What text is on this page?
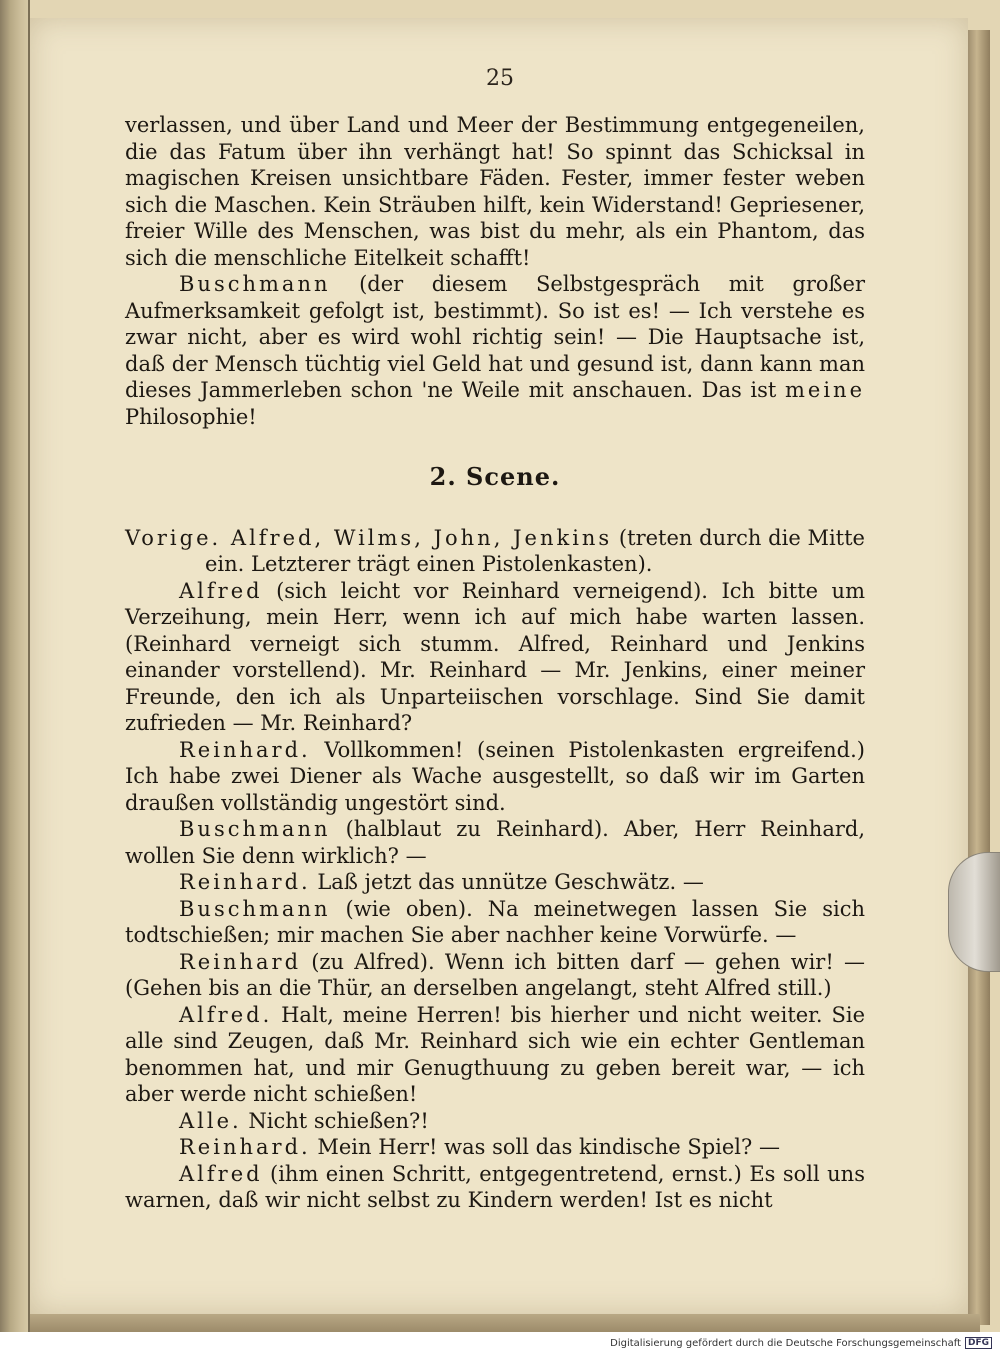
25

verlassen, und über Land und Meer der Bestimmung entgegeneilen, die das Fatum über ihn verhängt hat! So spinnt das Schicksal in magischen Kreisen unsichtbare Fäden. Fester, immer fester weben sich die Maschen. Kein Sträuben hilft, kein Widerstand! Gepriesener, freier Wille des Menschen, was bist du mehr, als ein Phantom, das sich die menschliche Eitelkeit schafft!

Buschmann (der diesem Selbstgespräch mit großer Aufmerksamkeit gefolgt ist, bestimmt). So ist es! — Ich verstehe es zwar nicht, aber es wird wohl richtig sein! — Die Hauptsache ist, daß der Mensch tüchtig viel Geld hat und gesund ist, dann kann man dieses Jammerleben schon 'ne Weile mit anschauen. Das ist meine Philosophie!

2. Scene.

Vorige. Alfred, Wilms, John, Jenkins (treten durch die Mitte ein. Letzterer trägt einen Pistolenkasten).

Alfred (sich leicht vor Reinhard verneigend). Ich bitte um Verzeihung, mein Herr, wenn ich auf mich habe warten lassen. (Reinhard verneigt sich stumm. Alfred, Reinhard und Jenkins einander vorstellend). Mr. Reinhard — Mr. Jenkins, einer meiner Freunde, den ich als Unparteiischen vorschlage. Sind Sie damit zufrieden — Mr. Reinhard?

Reinhard. Vollkommen! (seinen Pistolenkasten ergreifend.) Ich habe zwei Diener als Wache ausgestellt, so daß wir im Garten draußen vollständig ungestört sind.

Buschmann (halblaut zu Reinhard). Aber, Herr Reinhard, wollen Sie denn wirklich? —

Reinhard. Laß jetzt das unnütze Geschwätz. —

Buschmann (wie oben). Na meinetwegen lassen Sie sich todtschießen; mir machen Sie aber nachher keine Vorwürfe. —

Reinhard (zu Alfred). Wenn ich bitten darf — gehen wir! — (Gehen bis an die Thür, an derselben angelangt, steht Alfred still.)

Alfred. Halt, meine Herren! bis hierher und nicht weiter. Sie alle sind Zeugen, daß Mr. Reinhard sich wie ein echter Gentleman benommen hat, und mir Genugthuung zu geben bereit war, — ich aber werde nicht schießen!

Alle. Nicht schießen?!

Reinhard. Mein Herr! was soll das kindische Spiel? —

Alfred (ihm einen Schritt, entgegentretend, ernst.) Es soll uns warnen, daß wir nicht selbst zu Kindern werden! Ist es nicht

Digitalisierung gefördert durch die Deutsche Forschungsgemeinschaft DFG
